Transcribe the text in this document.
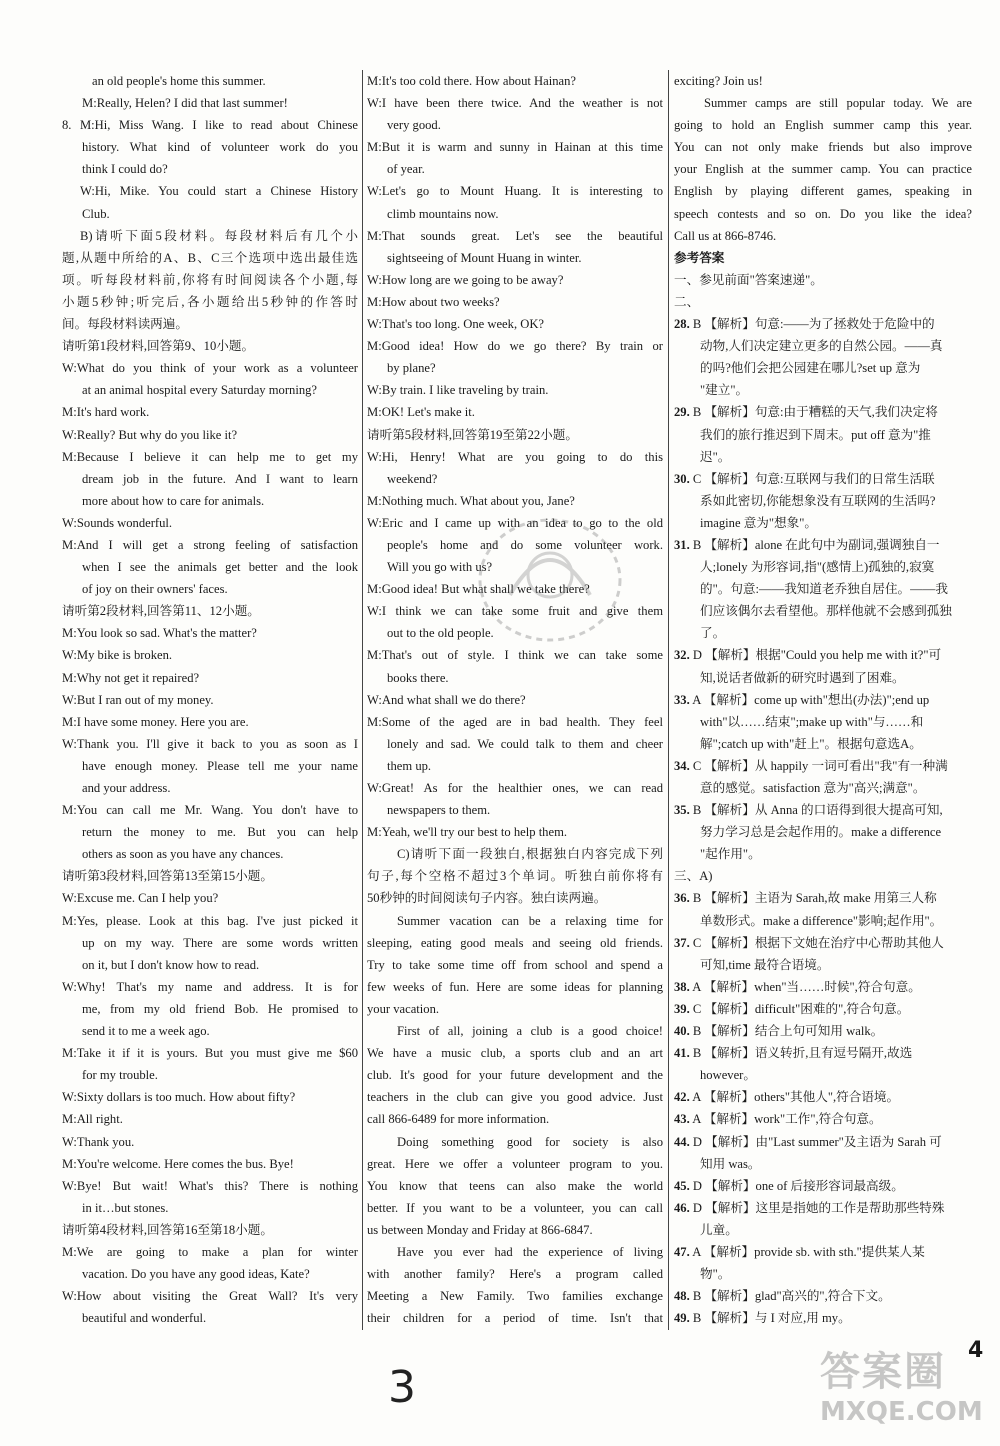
an old people's home this summer.
M:Really, Helen? I did that last summer!
8. M:Hi, Miss Wang. I like to read about Chinese
history. What kind of volunteer work do you
think I could do?
W:Hi, Mike. You could start a Chinese History
Club.
B)请听下面5段材料。每段材料后有几个小
题,从题中所给的A、B、C三个选项中选出最佳选
项。听每段材料前,你将有时间阅读各个小题,每
小题5秒钟;听完后,各小题给出5秒钟的作答时
间。每段材料读两遍。
请听第1段材料,回答第9、10小题。
W:What do you think of your work as a volunteer
at an animal hospital every Saturday morning?
M:It's hard work.
W:Really? But why do you like it?
M:Because I believe it can help me to get my
dream job in the future. And I want to learn
more about how to care for animals.
W:Sounds wonderful.
M:And I will get a strong feeling of satisfaction
when I see the animals get better and the look
of joy on their owners' faces.
请听第2段材料,回答第11、12小题。
M:You look so sad. What's the matter?
W:My bike is broken.
M:Why not get it repaired?
W:But I ran out of my money.
M:I have some money. Here you are.
W:Thank you. I'll give it back to you as soon as I
have enough money. Please tell me your name
and your address.
M:You can call me Mr. Wang. You don't have to
return the money to me. But you can help
others as soon as you have any chances.
请听第3段材料,回答第13至第15小题。
W:Excuse me. Can I help you?
M:Yes, please. Look at this bag. I've just picked it
up on my way. There are some words written
on it, but I don't know how to read.
W:Why! That's my name and address. It is for
me, from my old friend Bob. He promised to
send it to me a week ago.
M:Take it if it is yours. But you must give me $60
for my trouble.
W:Sixty dollars is too much. How about fifty?
M:All right.
W:Thank you.
M:You're welcome. Here comes the bus. Bye!
W:Bye! But wait! What's this? There is nothing
in it…but stones.
请听第4段材料,回答第16至第18小题。
M:We are going to make a plan for winter
vacation. Do you have any good ideas, Kate?
W:How about visiting the Great Wall? It's very
beautiful and wonderful.
M:It's too cold there. How about Hainan?
W:I have been there twice. And the weather is not
very good.
M:But it is warm and sunny in Hainan at this time
of year.
W:Let's go to Mount Huang. It is interesting to
climb mountains now.
M:That sounds great. Let's see the beautiful
sightseeing of Mount Huang in winter.
W:How long are we going to be away?
M:How about two weeks?
W:That's too long. One week, OK?
M:Good idea! How do we go there? By train or
by plane?
W:By train. I like traveling by train.
M:OK! Let's make it.
请听第5段材料,回答第19至第22小题。
W:Hi, Henry! What are you going to do this
weekend?
M:Nothing much. What about you, Jane?
W:Eric and I came up with an idea to go to the old
people's home and do some volunteer work.
Will you go with us?
M:Good idea! But what shall we take there?
W:I think we can take some fruit and give them
out to the old people.
M:That's out of style. I think we can take some
books there.
W:And what shall we do there?
M:Some of the aged are in bad health. They feel
lonely and sad. We could talk to them and cheer
them up.
W:Great! As for the healthier ones, we can read
newspapers to them.
M:Yeah, we'll try our best to help them.
C)请听下面一段独白,根据独白内容完成下列
句子,每个空格不超过3个单词。听独白前你将有
50秒钟的时间阅读句子内容。独白读两遍。
Summer vacation can be a relaxing time for
sleeping, eating good meals and seeing old friends.
Try to take some time off from school and spend a
few weeks of fun. Here are some ideas for planning
your vacation.
First of all, joining a club is a good choice!
We have a music club, a sports club and an art
club. It's good for your future development and the
teachers in the club can give you good advice. Just
call 866-6489 for more information.
Doing something good for society is also
great. Here we offer a volunteer program to you.
You know that teens can also make the world
better. If you want to be a volunteer, you can call
us between Monday and Friday at 866-6847.
Have you ever had the experience of living
with another family? Here's a program called
Meeting a New Family. Two families exchange
their children for a period of time. Isn't that
exciting? Join us!
Summer camps are still popular today. We are
going to hold an English summer camp this year.
You can not only make friends but also improve
your English at the summer camp. You can practice
English by playing different games, speaking in
speech contests and so on. Do you like the idea?
Call us at 866-8746.
参考答案
一、参见前面"答案速递"。
二、
28. B 【解析】句意:——为了拯救处于危险中的
动物,人们决定建立更多的自然公园。——真
的吗?他们会把公园建在哪儿?set up 意为
"建立"。
29. B 【解析】句意:由于糟糕的天气,我们决定将
我们的旅行推迟到下周末。put off 意为"推
迟"。
30. C 【解析】句意:互联网与我们的日常生活联
系如此密切,你能想象没有互联网的生活吗?
imagine 意为"想象"。
31. B 【解析】alone 在此句中为副词,强调独自一
人;lonely 为形容词,指"(感情上)孤独的,寂寞
的"。句意:——我知道老乔独自居住。——我
们应该偶尔去看望他。那样他就不会感到孤独
了。
32. D 【解析】根据"Could you help me with it?"可
知,说话者做新的研究时遇到了困难。
33. A 【解析】come up with"想出(办法)";end up
with"以……结束";make up with"与……和
解";catch up with"赶上"。根据句意选A。
34. C 【解析】从 happily 一词可看出"我"有一种满
意的感觉。satisfaction 意为"高兴;满意"。
35. B 【解析】从 Anna 的口语得到很大提高可知,
努力学习总是会起作用的。make a difference
"起作用"。
三、A)
36. B 【解析】主语为 Sarah,故 make 用第三人称
单数形式。make a difference"影响;起作用"。
37. C 【解析】根据下文她在治疗中心帮助其他人
可知,time 最符合语境。
38. A 【解析】when"当……时候",符合句意。
39. C 【解析】difficult"困难的",符合句意。
40. B 【解析】结合上句可知用 walk。
41. B 【解析】语义转折,且有逗号隔开,故选
however。
42. A 【解析】others"其他人",符合语境。
43. A 【解析】work"工作",符合句意。
44. D 【解析】由"Last summer"及主语为 Sarah 可
知用 was。
45. D 【解析】one of 后接形容词最高级。
46. D 【解析】这里是指她的工作是帮助那些特殊
儿童。
47. A 【解析】provide sb. with sth."提供某人某
物"。
48. B 【解析】glad"高兴的",符合下文。
49. B 【解析】与 I 对应,用 my。
答案圈
MXQE.COM
3
4
